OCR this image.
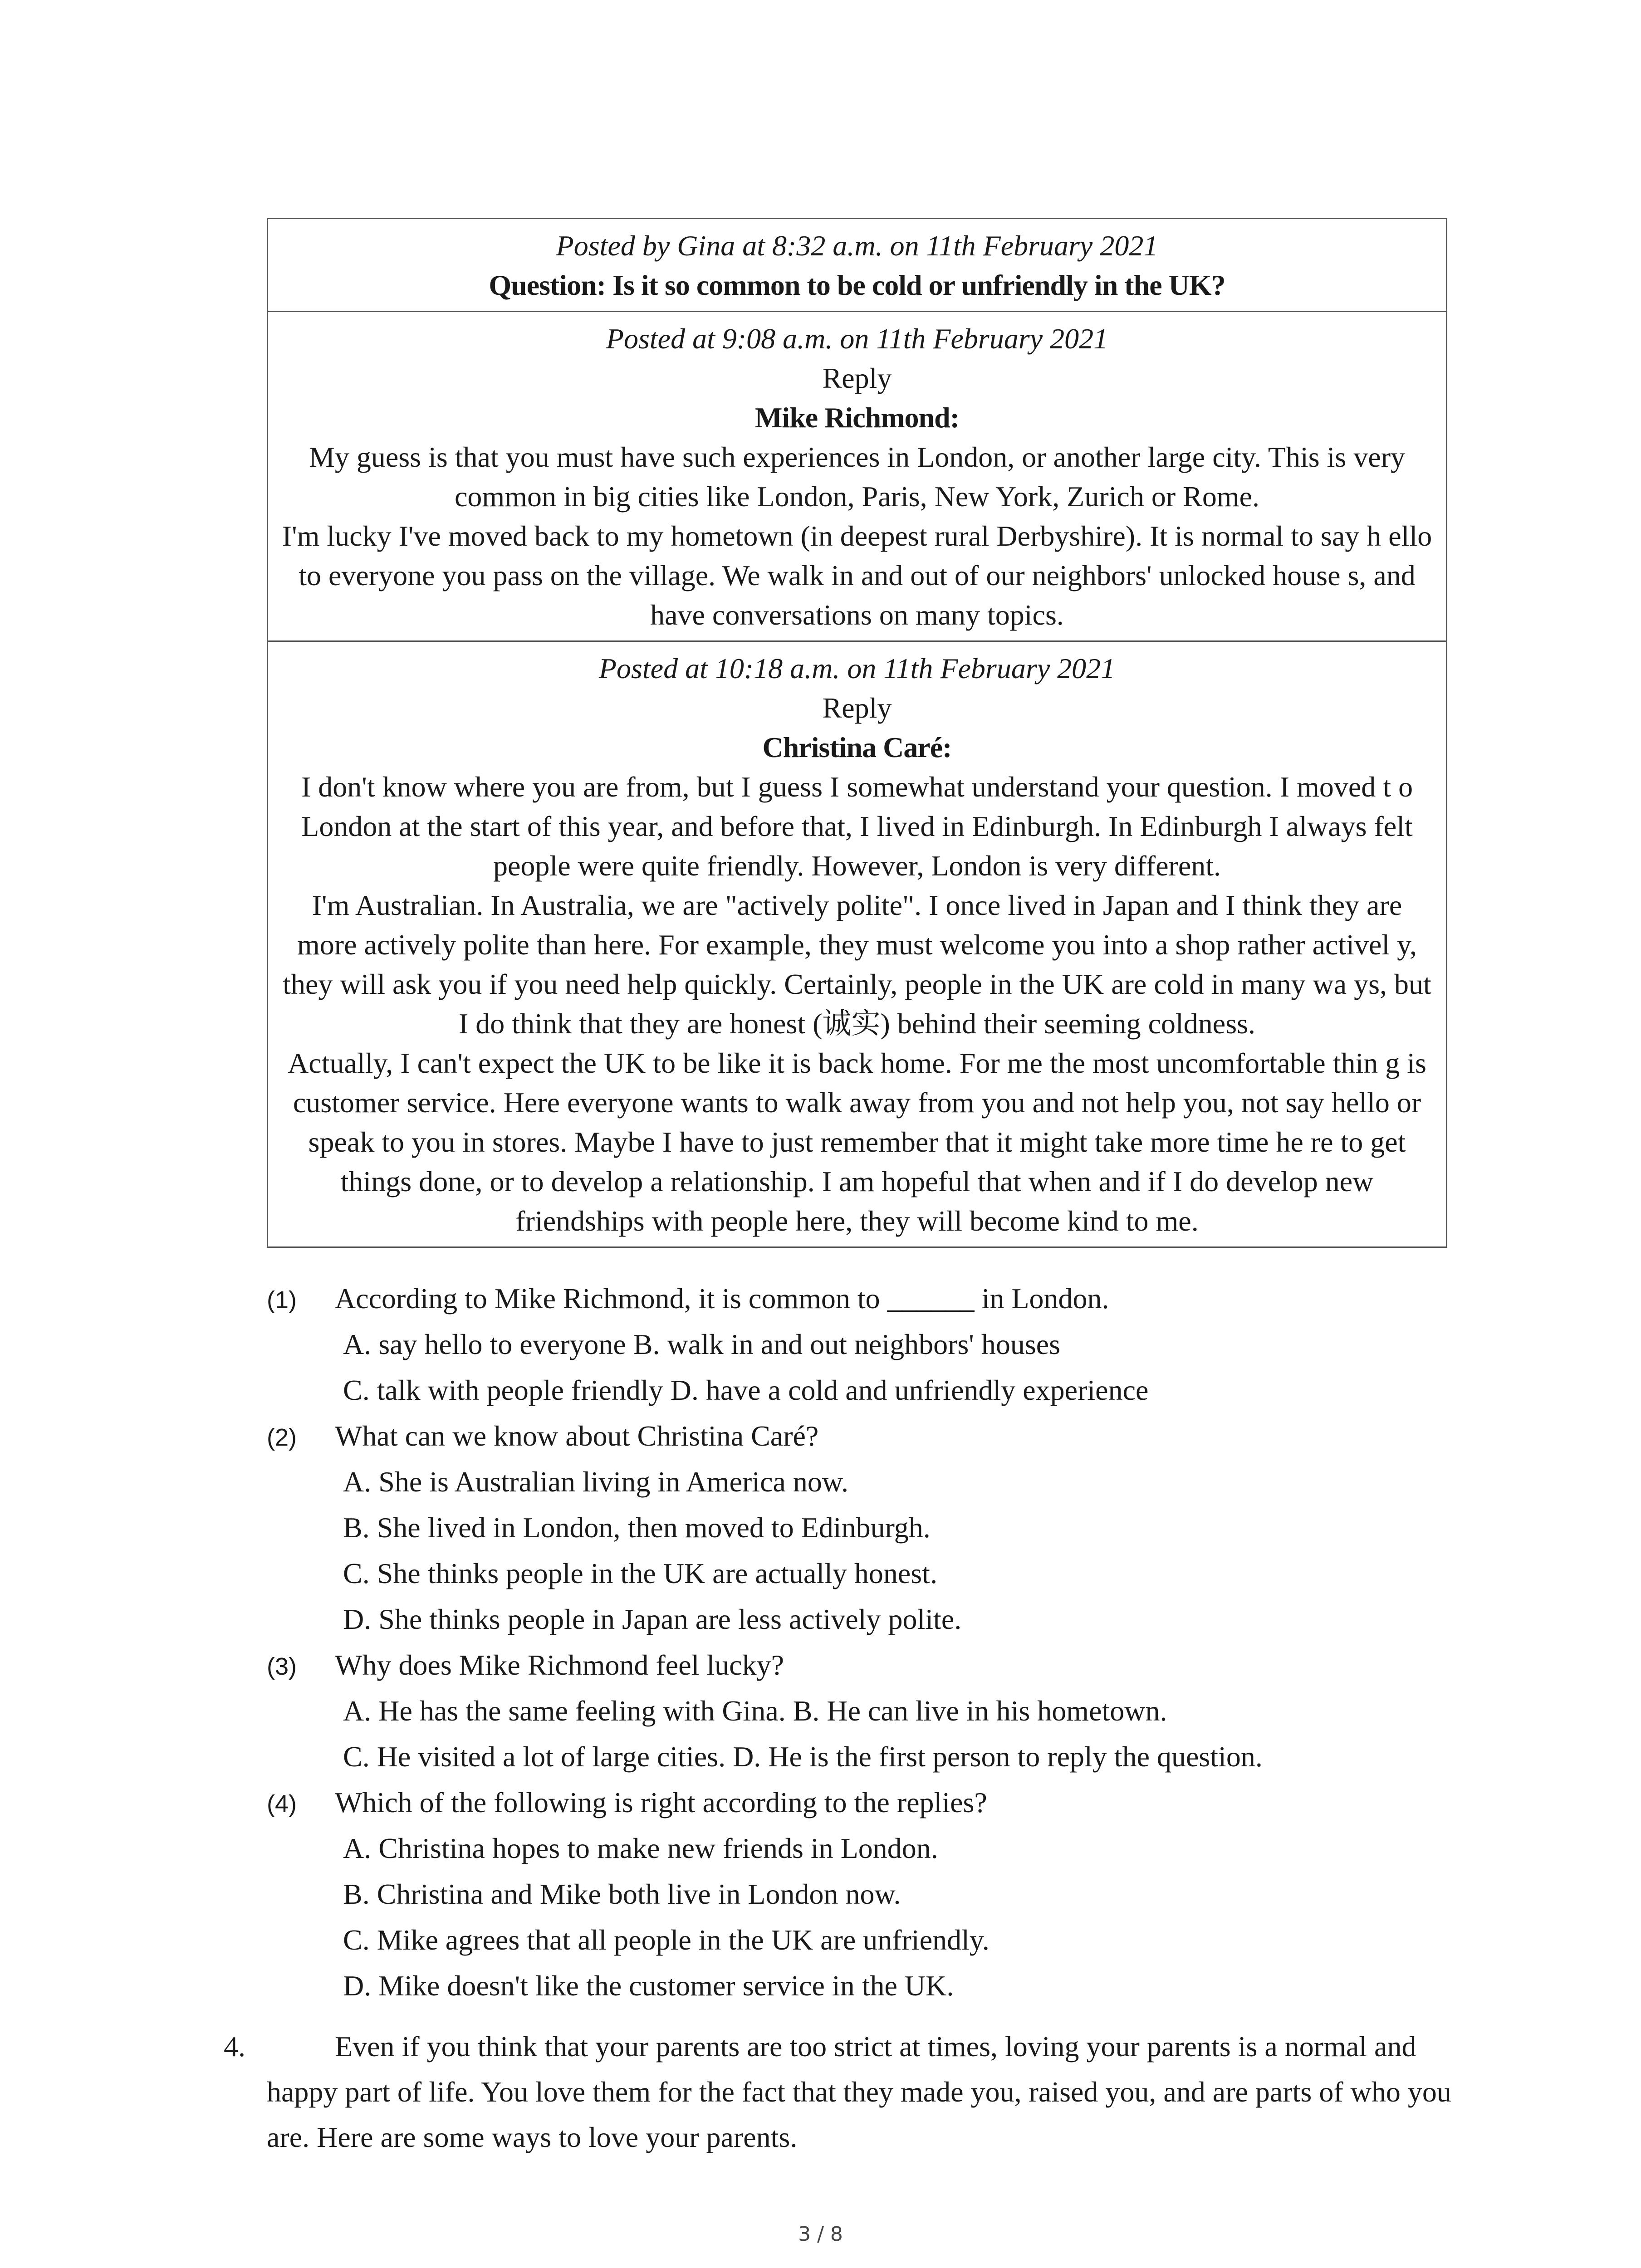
Posted by Gina at 8:32 a.m. on 11th February 2021
Question: Is it so common to be cold or unfriendly in the UK?
Posted at 9:08 a.m. on 11th February 2021
Reply
Mike Richmond:
My guess is that you must have such experiences in London, or another large city. This is very common in big cities like London, Paris, New York, Zurich or Rome.
I'm lucky I've moved back to my hometown (in deepest rural Derbyshire). It is normal to say h ello to everyone you pass on the village. We walk in and out of our neighbors' unlocked house s, and have conversations on many topics.
Posted at 10:18 a.m. on 11th February 2021
Reply
Christina Caré:
I don't know where you are from, but I guess I somewhat understand your question. I moved t o London at the start of this year, and before that, I lived in Edinburgh. In Edinburgh I always felt people were quite friendly. However, London is very different.
I'm Australian. In Australia, we are "actively polite". I once lived in Japan and I think they are more actively polite than here. For example, they must welcome you into a shop rather activel y, they will ask you if you need help quickly. Certainly, people in the UK are cold in many wa ys, but I do think that they are honest (诚实) behind their seeming coldness.
Actually, I can't expect the UK to be like it is back home. For me the most uncomfortable thin g is customer service. Here everyone wants to walk away from you and not help you, not say hello or speak to you in stores. Maybe I have to just remember that it might take more time he re to get things done, or to develop a relationship. I am hopeful that when and if I do develop new friendships with people here, they will become kind to me.
(1)	According to Mike Richmond, it is common to ______ in London.
A. say hello to everyone B. walk in and out neighbors' houses
C. talk with people friendly D. have a cold and unfriendly experience
(2)	What can we know about Christina Caré?
A. She is Australian living in America now.
B. She lived in London, then moved to Edinburgh.
C. She thinks people in the UK are actually honest.
D. She thinks people in Japan are less actively polite.
(3)	Why does Mike Richmond feel lucky?
A. He has the same feeling with Gina. B. He can live in his hometown.
C. He visited a lot of large cities. D. He is the first person to reply the question.
(4)	Which of the following is right according to the replies?
A. Christina hopes to make new friends in London.
B. Christina and Mike both live in London now.
C. Mike agrees that all people in the UK are unfriendly.
D. Mike doesn't like the customer service in the UK.
4.	Even if you think that your parents are too strict at times, loving your parents is a normal and happy part of life. You love them for the fact that they made you, raised you, and are parts of who you are. Here are some ways to love your parents.
3 / 8
